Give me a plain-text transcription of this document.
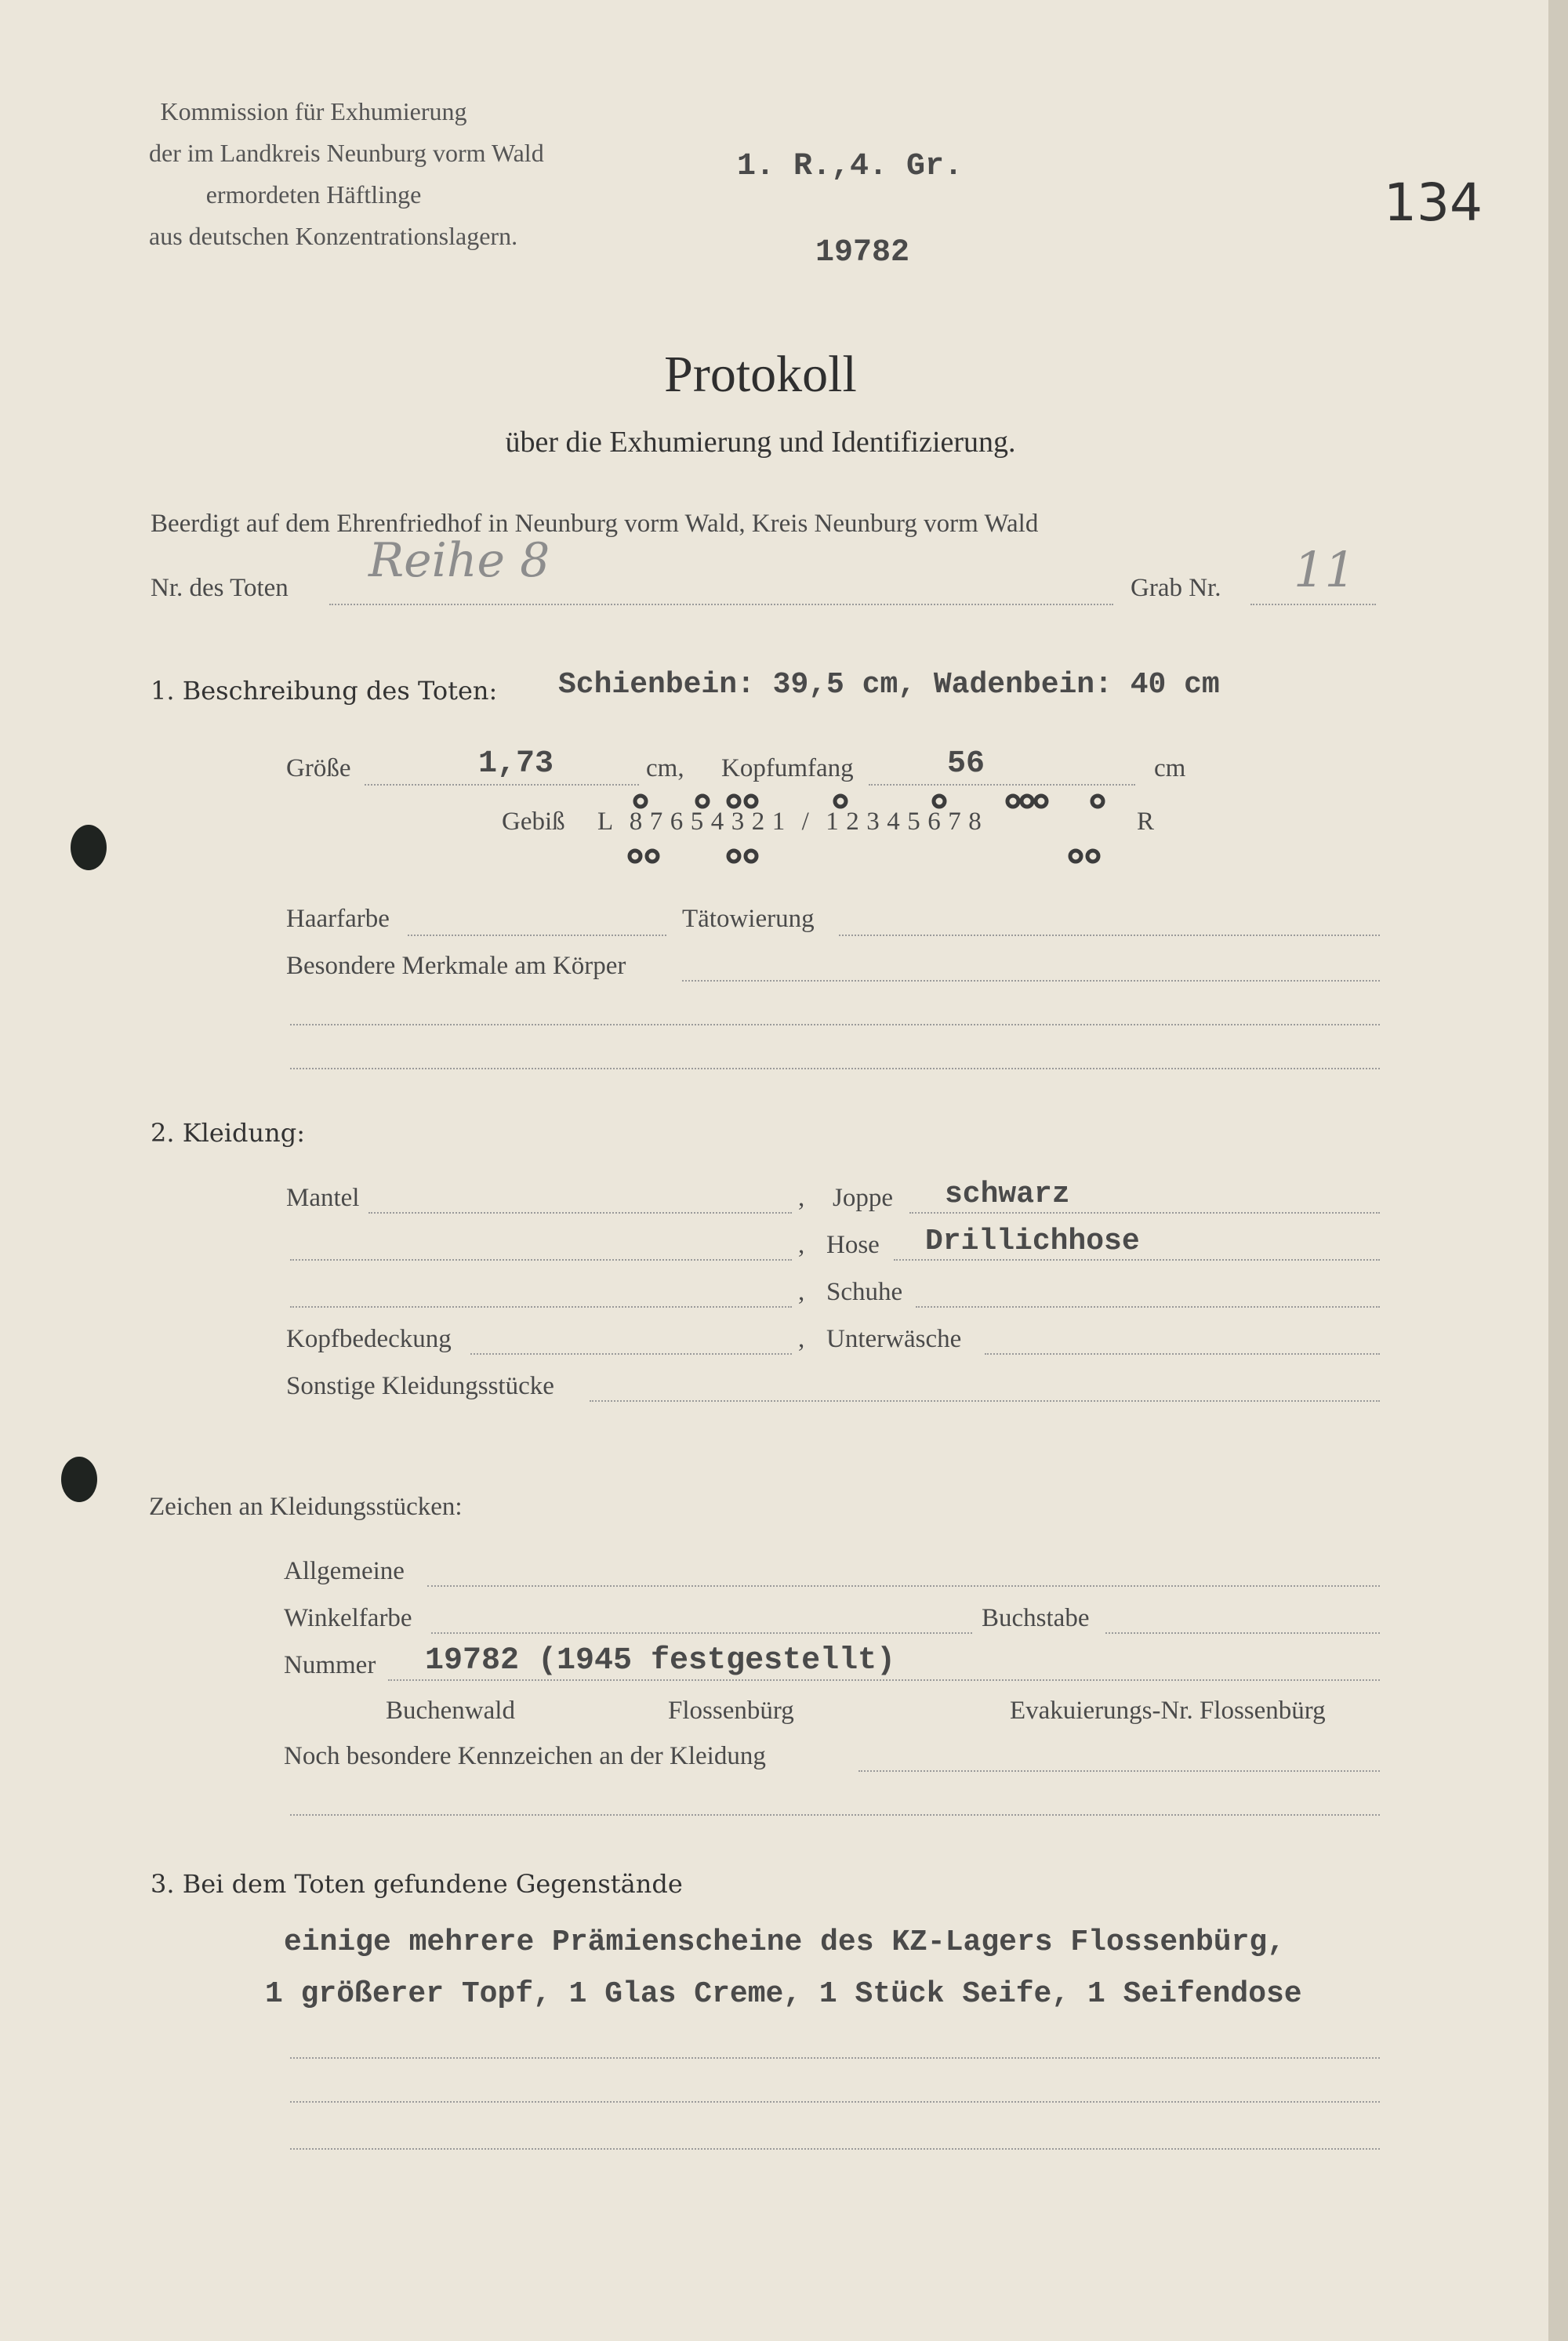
Kommission für Exhumierung
der im Landkreis Neunburg vorm Wald
ermordeten Häftlinge
aus deutschen Konzentrationslagern.
1. R.,4. Gr.
19782
134
Protokoll
über die Exhumierung und Identifizierung.
Beerdigt auf dem Ehrenfriedhof in Neunburg vorm Wald, Kreis Neunburg vorm Wald
Nr. des Toten Reihe 8	Grab Nr. 11
1. Beschreibung des Toten: Schienbein: 39,5 cm, Wadenbein: 40 cm
Größe	1,73	cm, Kopfumfang	56	cm
Gebiß L 8 7 6 5 4 3 2 1 / 1 2 3 4 5 6 7 8	R
Haarfarbe	Tätowierung
Besondere Merkmale am Körper
2. Kleidung:
Mantel	, Joppe schwarz
, Hose Drillichhose
, Schuhe
Kopfbedeckung	, Unterwäsche
Sonstige Kleidungsstücke
Zeichen an Kleidungsstücken:
Allgemeine
Winkelfarbe	Buchstabe
Nummer 19782 (1945 festgestellt)
Buchenwald	Flossenbürg	Evakuierungs-Nr. Flossenbürg
Noch besondere Kennzeichen an der Kleidung
3. Bei dem Toten gefundene Gegenstände
einige mehrere Prämienscheine des KZ-Lagers Flossenbürg,
1 größerer Topf, 1 Glas Creme, 1 Stück Seife, 1 Seifendose
